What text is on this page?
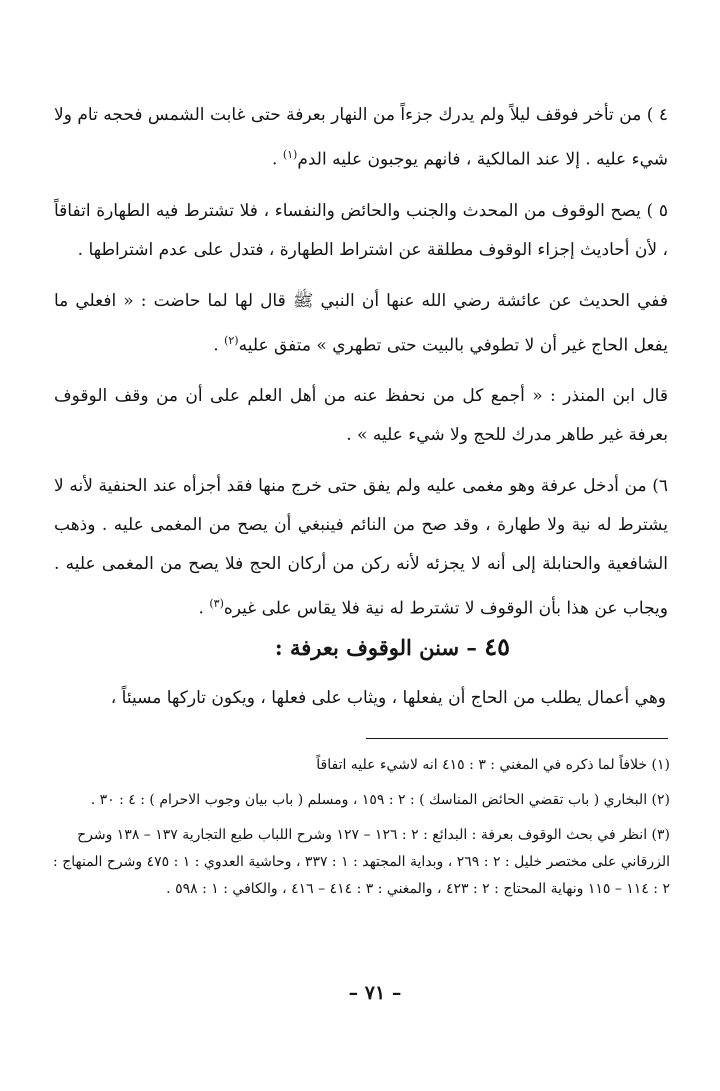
٤ ) من تأخر فوقف ليلاً ولم يدرك جزءاً من النهار بعرفة حتى غابت الشمس فحجه تام ولا شيء عليه . إلا عند المالكية ، فانهم يوجبون عليه الدم$^{(١)}$ .

٥ ) يصح الوقوف من المحدث والجنب والحائض والنفساء ، فلا تشترط فيه الطهارة اتفاقاً ، لأن أحاديث إجزاء الوقوف مطلقة عن اشتراط الطهارة ، فتدل على عدم اشتراطها .

ففي الحديث عن عائشة رضي الله عنها أن النبي ﷺ قال لها لما حاضت : « افعلي ما يفعل الحاج غير أن لا تطوفي بالبيت حتى تطهري » متفق عليه$^{(٢)}$ .

قال ابن المنذر : « أجمع كل من نحفظ عنه من أهل العلم على أن من وقف الوقوف بعرفة غير طاهر مدرك للحج ولا شيء عليه » .

٦) من أدخل عرفة وهو مغمى عليه ولم يفق حتى خرج منها فقد أجزأه عند الحنفية لأنه لا يشترط له نية ولا طهارة ، وقد صح من النائم فينبغي أن يصح من المغمى عليه . وذهب الشافعية والحنابلة إلى أنه لا يجزئه لأنه ركن من أركان الحج فلا يصح من المغمى عليه . ويجاب عن هذا بأن الوقوف لا تشترط له نية فلا يقاس على غيره$^{(٣)}$ .

٤٥ – سنن الوقوف بعرفة :
وهي أعمال يطلب من الحاج أن يفعلها ، ويثاب على فعلها ، ويكون تاركها مسيئاً ،

(١) خلافاً لما ذكره في المغني : ٣ : ٤١٥ انه لاشيء عليه اتفاقاً

(٢) البخاري ( باب تقضي الحائض المناسك ) : ٢ : ١٥٩ ، ومسلم ( باب بيان وجوب الاحرام ) : ٤ : ٣٠ .

(٣) انظر في بحث الوقوف بعرفة : البدائع : ٢ : ١٢٦ – ١٢٧ وشرح اللباب طبع التجارية ١٣٧ – ١٣٨ وشرح الزرقاني على مختصر خليل : ٢ : ٢٦٩ ، وبداية المجتهد : ١ : ٣٣٧ ، وحاشية العدوي : ١ : ٤٧٥ وشرح المنهاج : ٢ : ١١٤ – ١١٥ ونهاية المحتاج : ٢ : ٤٢٣ ، والمغني : ٣ : ٤١٤ – ٤١٦ ، والكافي : ١ : ٥٩٨ .

– ٧١ –
